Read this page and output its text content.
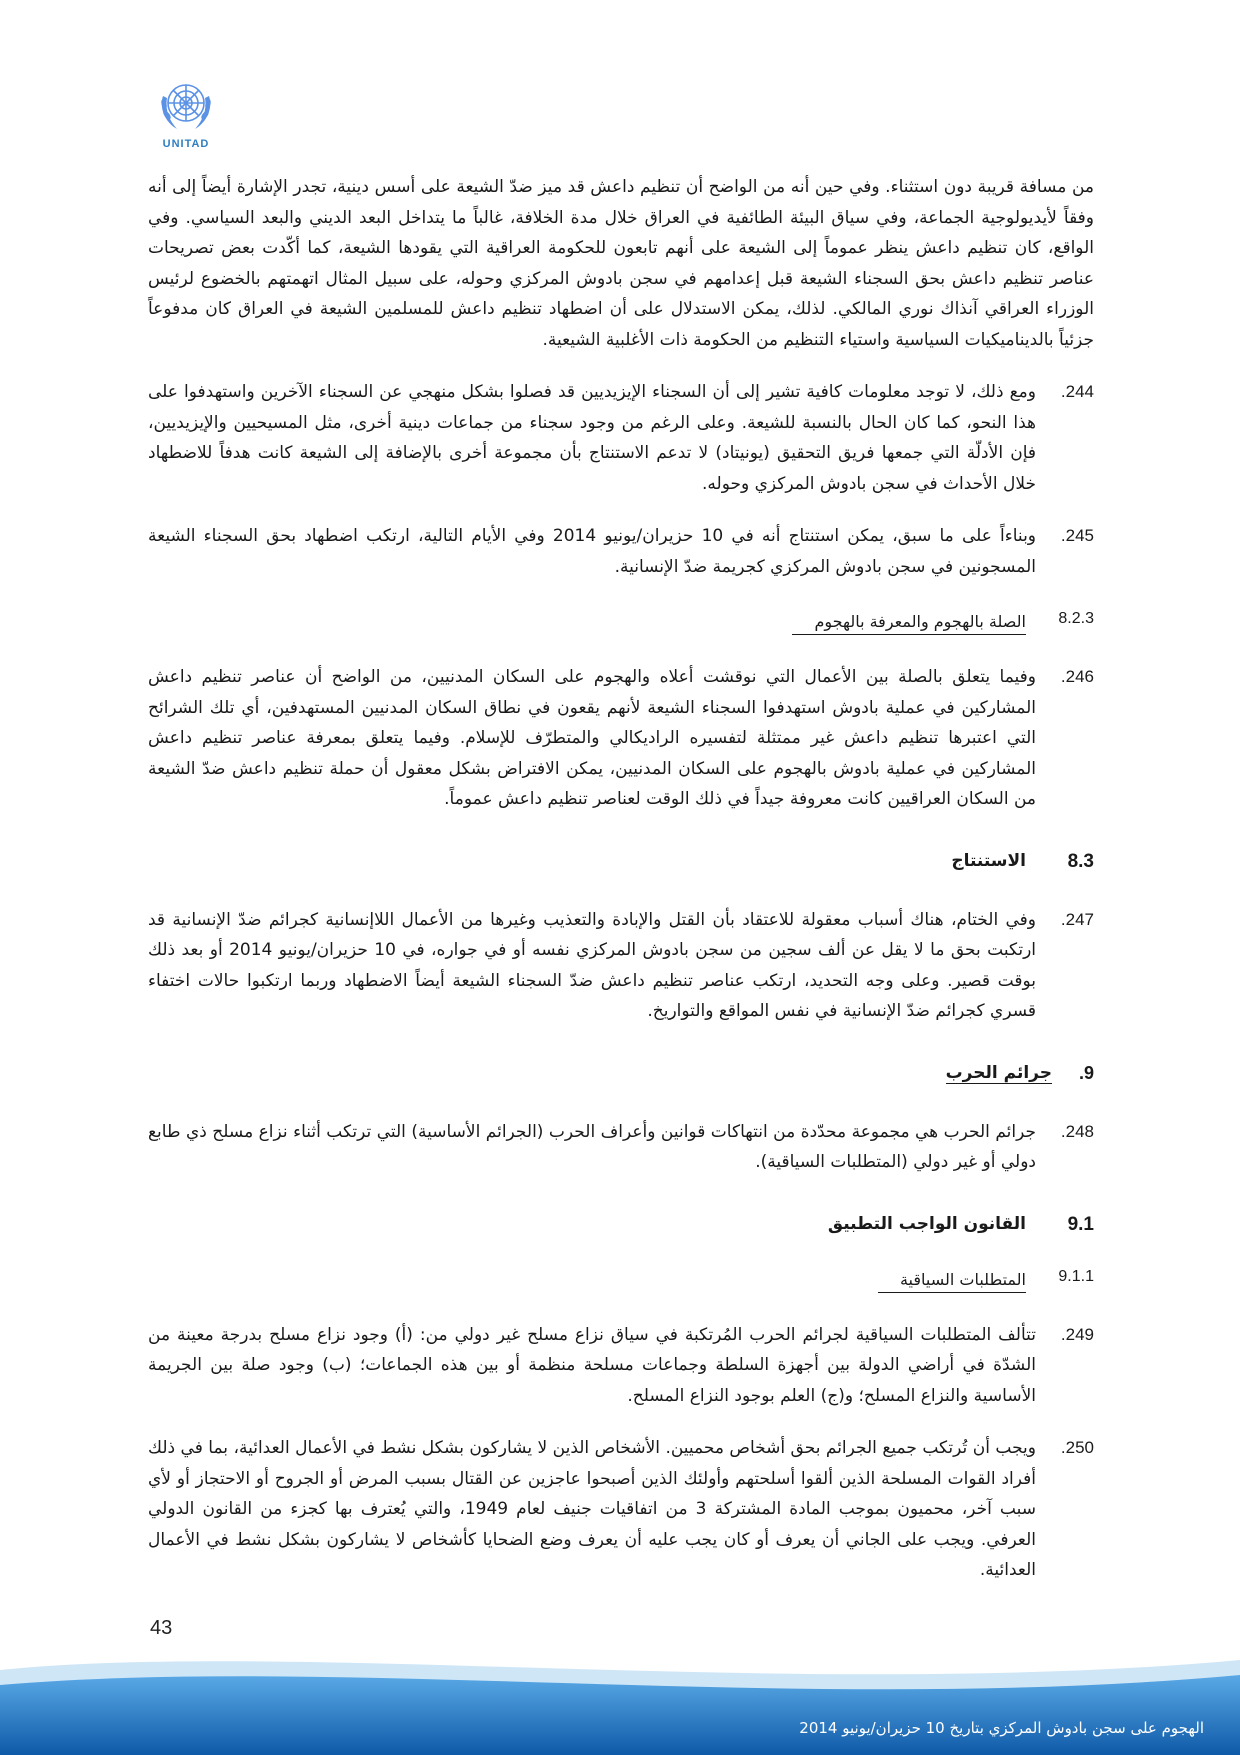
UNITAD

من مسافة قريبة دون استثناء. وفي حين أنه من الواضح أن تنظيم داعش قد ميز ضدّ الشيعة على أسس دينية، تجدر الإشارة أيضاً إلى أنه وفقاً لأيديولوجية الجماعة، وفي سياق البيئة الطائفية في العراق خلال مدة الخلافة، غالباً ما يتداخل البعد الديني والبعد السياسي. وفي الواقع، كان تنظيم داعش ينظر عموماً إلى الشيعة على أنهم تابعون للحكومة العراقية التي يقودها الشيعة، كما أكّدت بعض تصريحات عناصر تنظيم داعش بحق السجناء الشيعة قبل إعدامهم في سجن بادوش المركزي وحوله، على سبيل المثال اتهمتهم بالخضوع لرئيس الوزراء العراقي آنذاك نوري المالكي. لذلك، يمكن الاستدلال على أن اضطهاد تنظيم داعش للمسلمين الشيعة في العراق كان مدفوعاً جزئياً بالديناميكيات السياسية واستياء التنظيم من الحكومة ذات الأغلبية الشيعية.

244.

ومع ذلك، لا توجد معلومات كافية تشير إلى أن السجناء الإيزيديين قد فصلوا بشكل منهجي عن السجناء الآخرين واستهدفوا على هذا النحو، كما كان الحال بالنسبة للشيعة. وعلى الرغم من وجود سجناء من جماعات دينية أخرى، مثل المسيحيين والإيزيديين، فإن الأدلّة التي جمعها فريق التحقيق (يونيتاد) لا تدعم الاستنتاج بأن مجموعة أخرى بالإضافة إلى الشيعة كانت هدفاً للاضطهاد خلال الأحداث في سجن بادوش المركزي وحوله.

245.

وبناءاً على ما سبق، يمكن استنتاج أنه في 10 حزيران/يونيو 2014 وفي الأيام التالية، ارتكب اضطهاد بحق السجناء الشيعة المسجونين في سجن بادوش المركزي كجريمة ضدّ الإنسانية.

8.2.3
الصلة بالهجوم والمعرفة بالهجوم
246.

وفيما يتعلق بالصلة بين الأعمال التي نوقشت أعلاه والهجوم على السكان المدنيين، من الواضح أن عناصر تنظيم داعش المشاركين في عملية بادوش استهدفوا السجناء الشيعة لأنهم يقعون في نطاق السكان المدنيين المستهدفين، أي تلك الشرائح التي اعتبرها تنظيم داعش غير ممتثلة لتفسيره الراديكالي والمتطرّف للإسلام. وفيما يتعلق بمعرفة عناصر تنظيم داعش المشاركين في عملية بادوش بالهجوم على السكان المدنيين، يمكن الافتراض بشكل معقول أن حملة تنظيم داعش ضدّ الشيعة من السكان العراقيين كانت معروفة جيداً في ذلك الوقت لعناصر تنظيم داعش عموماً.

8.3
الاستنتاج
247.

وفي الختام، هناك أسباب معقولة للاعتقاد بأن القتل والإبادة والتعذيب وغيرها من الأعمال اللاإنسانية كجرائم ضدّ الإنسانية قد ارتكبت بحق ما لا يقل عن ألف سجين من سجن بادوش المركزي نفسه أو في جواره، في 10 حزيران/يونيو 2014 أو بعد ذلك بوقت قصير. وعلى وجه التحديد، ارتكب عناصر تنظيم داعش ضدّ السجناء الشيعة أيضاً الاضطهاد وربما ارتكبوا حالات اختفاء قسري كجرائم ضدّ الإنسانية في نفس المواقع والتواريخ.

9.
جرائم الحرب
248.

جرائم الحرب هي مجموعة محدّدة من انتهاكات قوانين وأعراف الحرب (الجرائم الأساسية) التي ترتكب أثناء نزاع مسلح ذي طابع دولي أو غير دولي (المتطلبات السياقية).

9.1
القانون الواجب التطبيق
9.1.1
المتطلبات السياقية
249.

تتألف المتطلبات السياقية لجرائم الحرب المُرتكبة في سياق نزاع مسلح غير دولي من: (أ) وجود نزاع مسلح بدرجة معينة من الشدّة في أراضي الدولة بين أجهزة السلطة وجماعات مسلحة منظمة أو بين هذه الجماعات؛ (ب) وجود صلة بين الجريمة الأساسية والنزاع المسلح؛ و(ج) العلم بوجود النزاع المسلح.

250.

ويجب أن تُرتكب جميع الجرائم بحق أشخاص محميين. الأشخاص الذين لا يشاركون بشكل نشط في الأعمال العدائية، بما في ذلك أفراد القوات المسلحة الذين ألقوا أسلحتهم وأولئك الذين أصبحوا عاجزين عن القتال بسبب المرض أو الجروح أو الاحتجاز أو لأي سبب آخر، محميون بموجب المادة المشتركة 3 من اتفاقيات جنيف لعام 1949، والتي يُعترف بها كجزء من القانون الدولي العرفي. ويجب على الجاني أن يعرف أو كان يجب عليه أن يعرف وضع الضحايا كأشخاص لا يشاركون بشكل نشط في الأعمال العدائية.

43
الهجوم على سجن بادوش المركزي بتاريخ 10 حزيران/يونيو 2014
